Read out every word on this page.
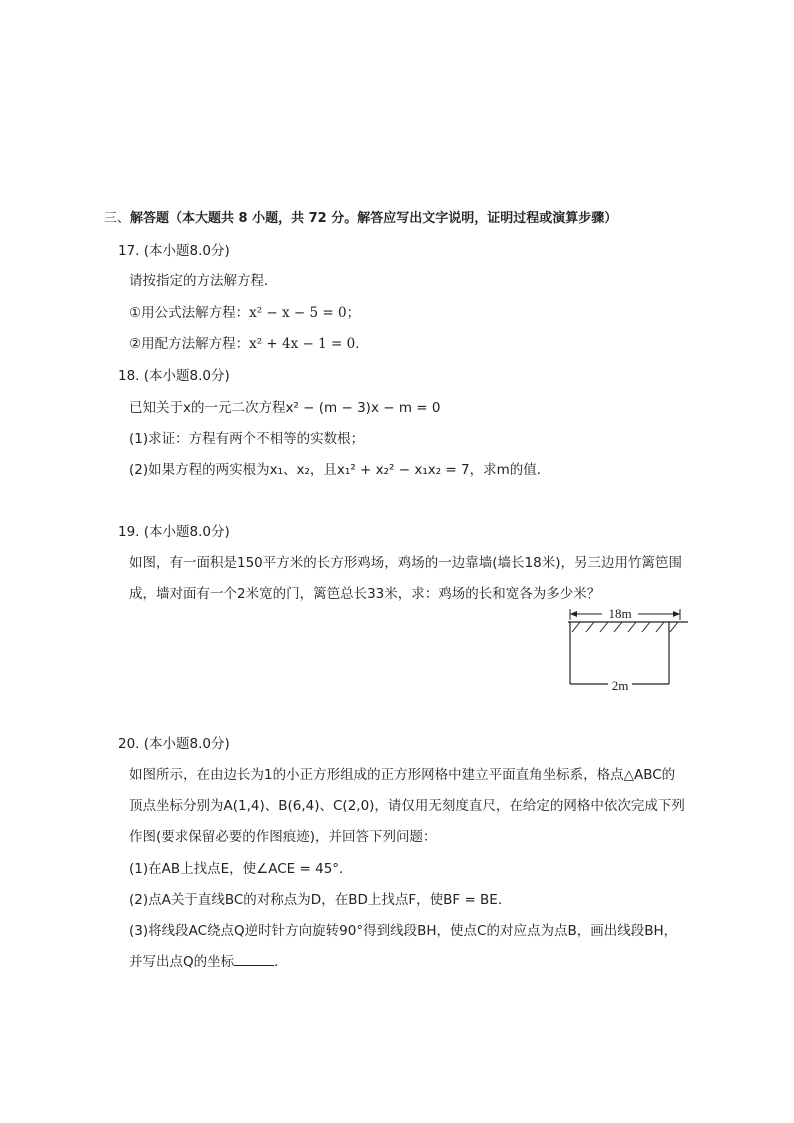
三、解答题（本大题共 8 小题，共 72 分。解答应写出文字说明，证明过程或演算步骤）
17. (本小题8.0分)
请按指定的方法解方程．
①用公式法解方程：x² − x − 5 = 0；
②用配方法解方程：x² + 4x − 1 = 0．
18. (本小题8.0分)
已知关于x的一元二次方程x² − (m − 3)x − m = 0
(1)求证：方程有两个不相等的实数根；
(2)如果方程的两实根为x₁、x₂，且x₁² + x₂² − x₁x₂ = 7，求m的值．
19. (本小题8.0分)
如图，有一面积是150平方米的长方形鸡场，鸡场的一边靠墙(墙长18米)，另三边用竹篱笆围
成，墙对面有一个2米宽的门，篱笆总长33米，求：鸡场的长和宽各为多少米？
18m
2m
20. (本小题8.0分)
如图所示，在由边长为1的小正方形组成的正方形网格中建立平面直角坐标系，格点△ABC的
顶点坐标分别为A(1,4)、B(6,4)、C(2,0)，请仅用无刻度直尺，在给定的网格中依次完成下列
作图(要求保留必要的作图痕迹)，并回答下列问题：
(1)在AB上找点E，使∠ACE = 45°．
(2)点A关于直线BC的对称点为D，在BD上找点F，使BF = BE．
(3)将线段AC绕点Q逆时针方向旋转90°得到线段BH，使点C的对应点为点B，画出线段BH，
并写出点Q的坐标	．
